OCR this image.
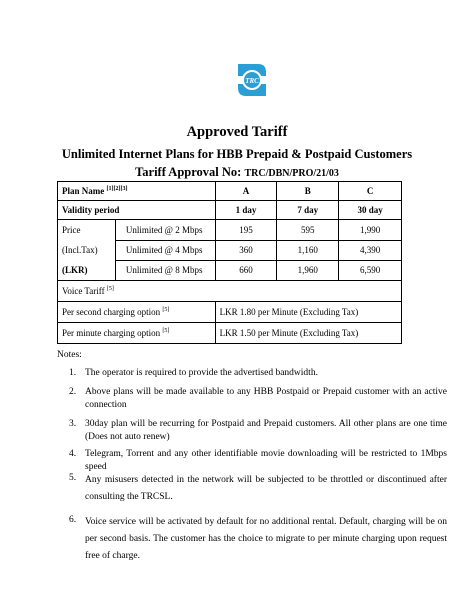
TRC
Approved Tariff
Unlimited Internet Plans for HBB Prepaid & Postpaid Customers
Tariff Approval No: TRC/DBN/PRO/21/03
Plan Name [1][2][3]		A	B	C
Validity period		1 day	7 day	30 day
Price	Unlimited @ 2 Mbps	195	595	1,990
(Incl.Tax)	Unlimited @ 4 Mbps	360	1,160	4,390
(LKR)	Unlimited @ 8 Mbps	660	1,960	6,590
Voice Tariff [5]
Per second charging option [5]		LKR 1.80 per Minute (Excluding Tax)		
Per minute charging option [5]		LKR 1.50 per Minute (Excluding Tax)		
Notes:
1. The operator is required to provide the advertised bandwidth.
2. Above plans will be made available to any HBB Postpaid or Prepaid customer with an active connection
3. 30day plan will be recurring for Postpaid and Prepaid customers. All other plans are one time (Does not auto renew)
4. Telegram, Torrent and any other identifiable movie downloading will be restricted to 1Mbps speed
5. Any misusers detected in the network will be subjected to be throttled or discontinued after consulting the TRCSL.
6. Voice service will be activated by default for no additional rental. Default, charging will be on per second basis. The customer has the choice to migrate to per minute charging upon request free of charge.
